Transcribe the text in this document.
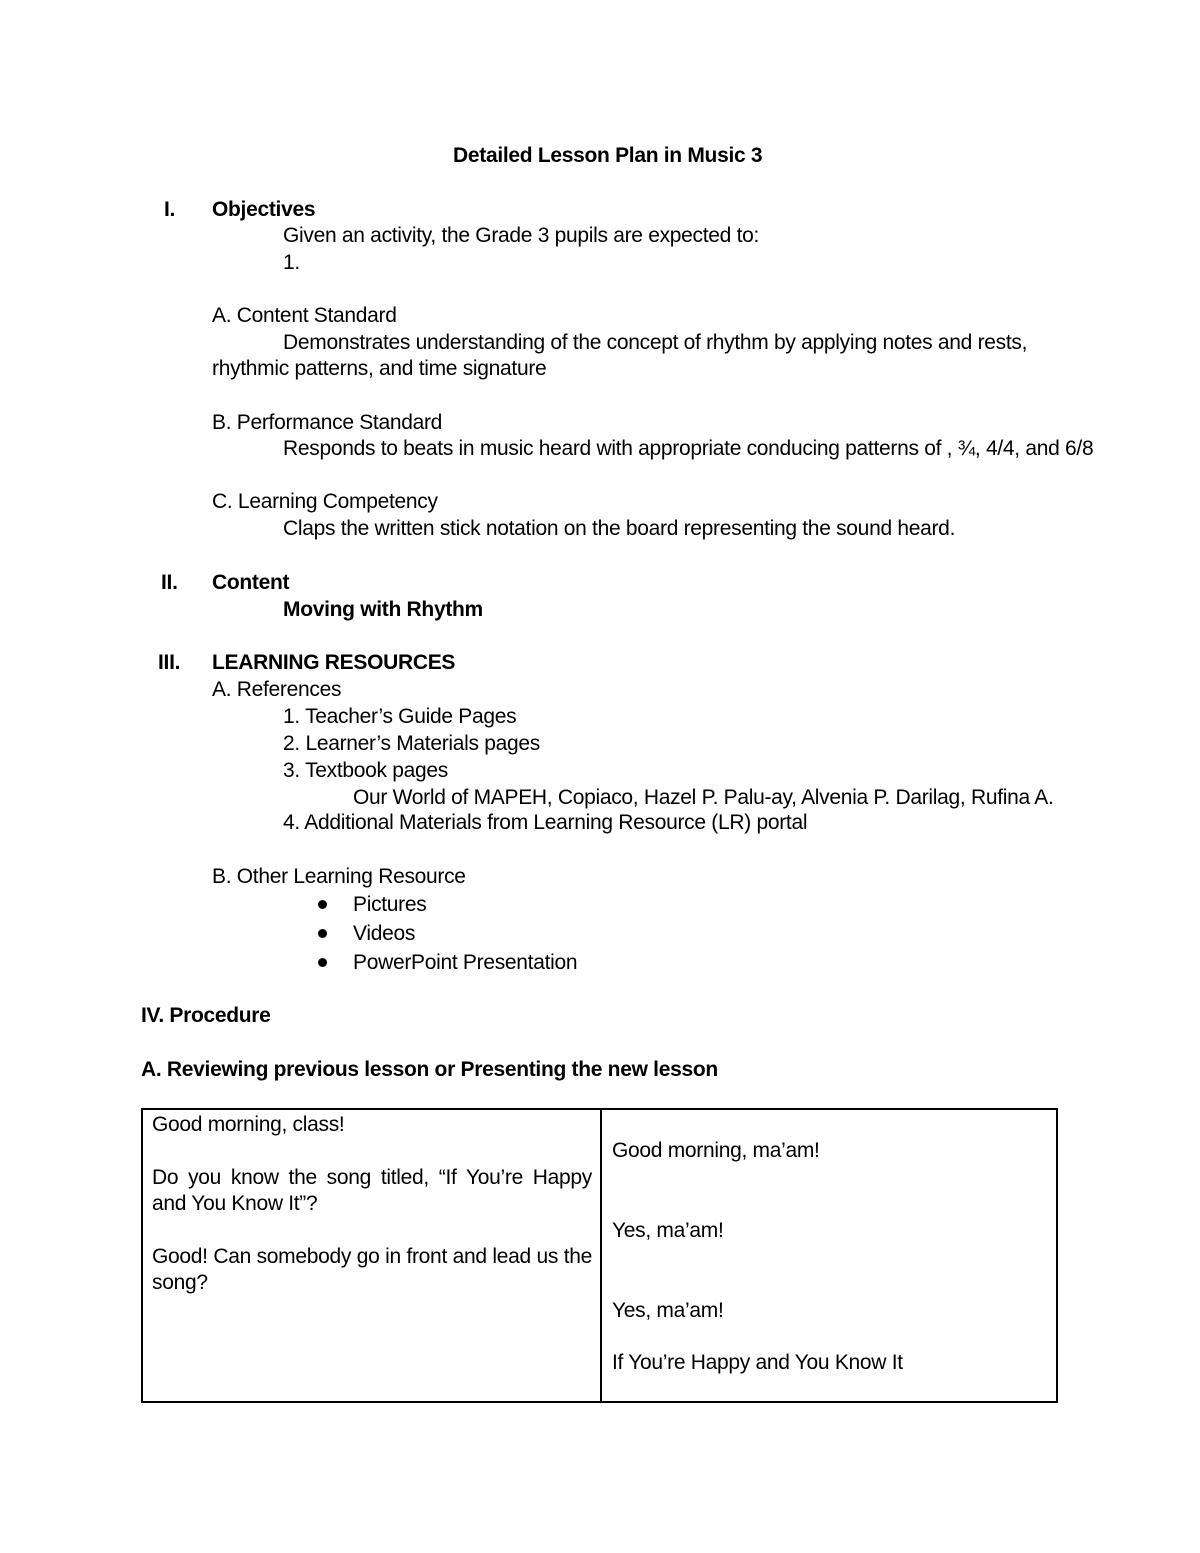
Detailed Lesson Plan in Music 3
I. Objectives
Given an activity, the Grade 3 pupils are expected to:
1.
A. Content Standard
Demonstrates understanding of the concept of rhythm by applying notes and rests,
rhythmic patterns, and time signature
B. Performance Standard
Responds to beats in music heard with appropriate conducing patterns of , ¾, 4/4, and 6/8
C. Learning Competency
Claps the written stick notation on the board representing the sound heard.
II. Content
Moving with Rhythm
III. LEARNING RESOURCES
A. References
1. Teacher’s Guide Pages
2. Learner’s Materials pages
3. Textbook pages
Our World of MAPEH, Copiaco, Hazel P. Palu-ay, Alvenia P. Darilag, Rufina A.
4. Additional Materials from Learning Resource (LR) portal
B. Other Learning Resource
Pictures
Videos
PowerPoint Presentation
IV. Procedure
A. Reviewing previous lesson or Presenting the new lesson

Good morning, class!

Do you know the song titled, “If You’re Happy and You Know It”?

Good! Can somebody go in front and lead us the song?

Good morning, ma’am!

Yes, ma’am!

Yes, ma’am!

If You’re Happy and You Know It
